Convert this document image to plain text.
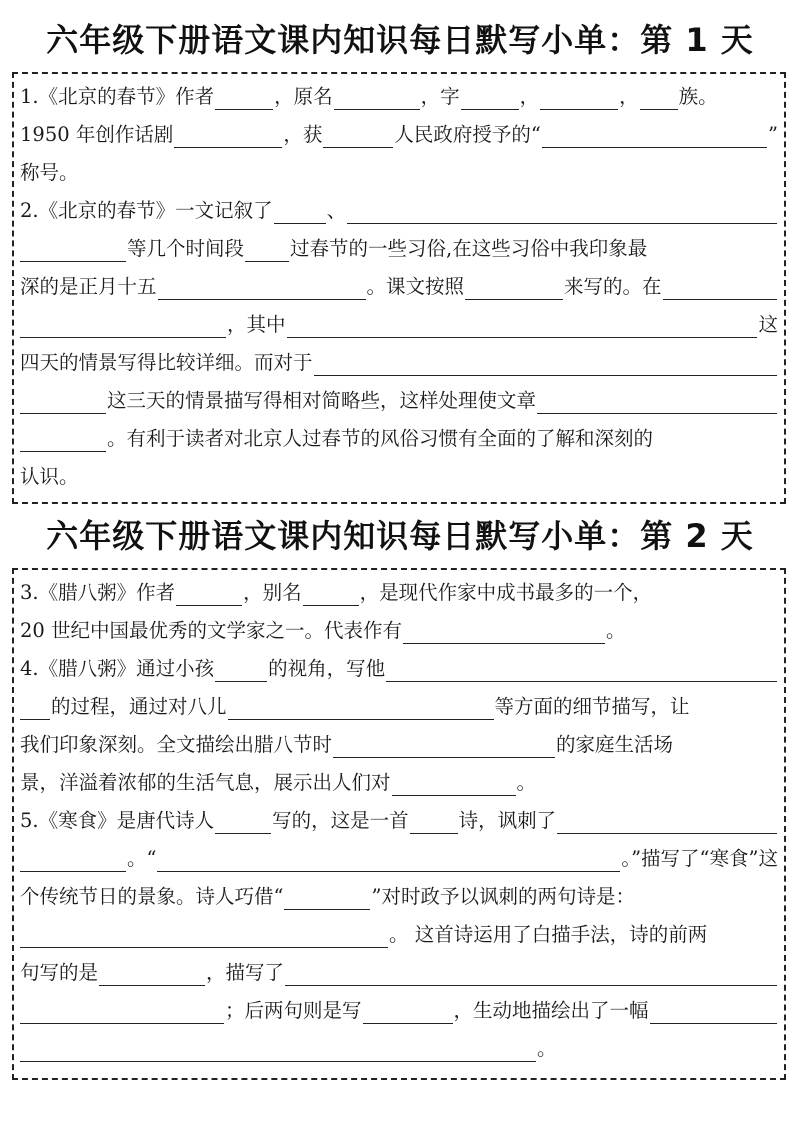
六年级下册语文课内知识每日默写小单：第 1 天
1.《北京的春节》作者	，原名	，字	，	， 族。
1950 年创作话剧	，获	人民政府授予的“	”
称号。
2.《北京的春节》一文记叙了	、
等几个时间段 过春节的一些习俗,在这些习俗中我印象最
深的是正月十五	。课文按照	来写的。在
，其中	这
四天的情景写得比较详细。而对于
这三天的情景描写得相对简略些，这样处理使文章
。有利于读者对北京人过春节的风俗习惯有全面的了解和深刻的
认识。
六年级下册语文课内知识每日默写小单：第 2 天
3.《腊八粥》作者	，别名	，是现代作家中成书最多的一个，
20 世纪中国最优秀的文学家之一。代表作有	。
4.《腊八粥》通过小孩	的视角，写他
的过程，通过对八儿	等方面的细节描写，让
我们印象深刻。全文描绘出腊八节时	的家庭生活场
景，洋溢着浓郁的生活气息，展示出人们对	。
5.《寒食》是唐代诗人	写的，这是一首	诗，讽刺了
。“	。”描写了“寒食”这
个传统节日的景象。诗人巧借“	”对时政予以讽刺的两句诗是：
。 这首诗运用了白描手法，诗的前两
句写的是	，描写了
；后两句则是写	，生动地描绘出了一幅
。
